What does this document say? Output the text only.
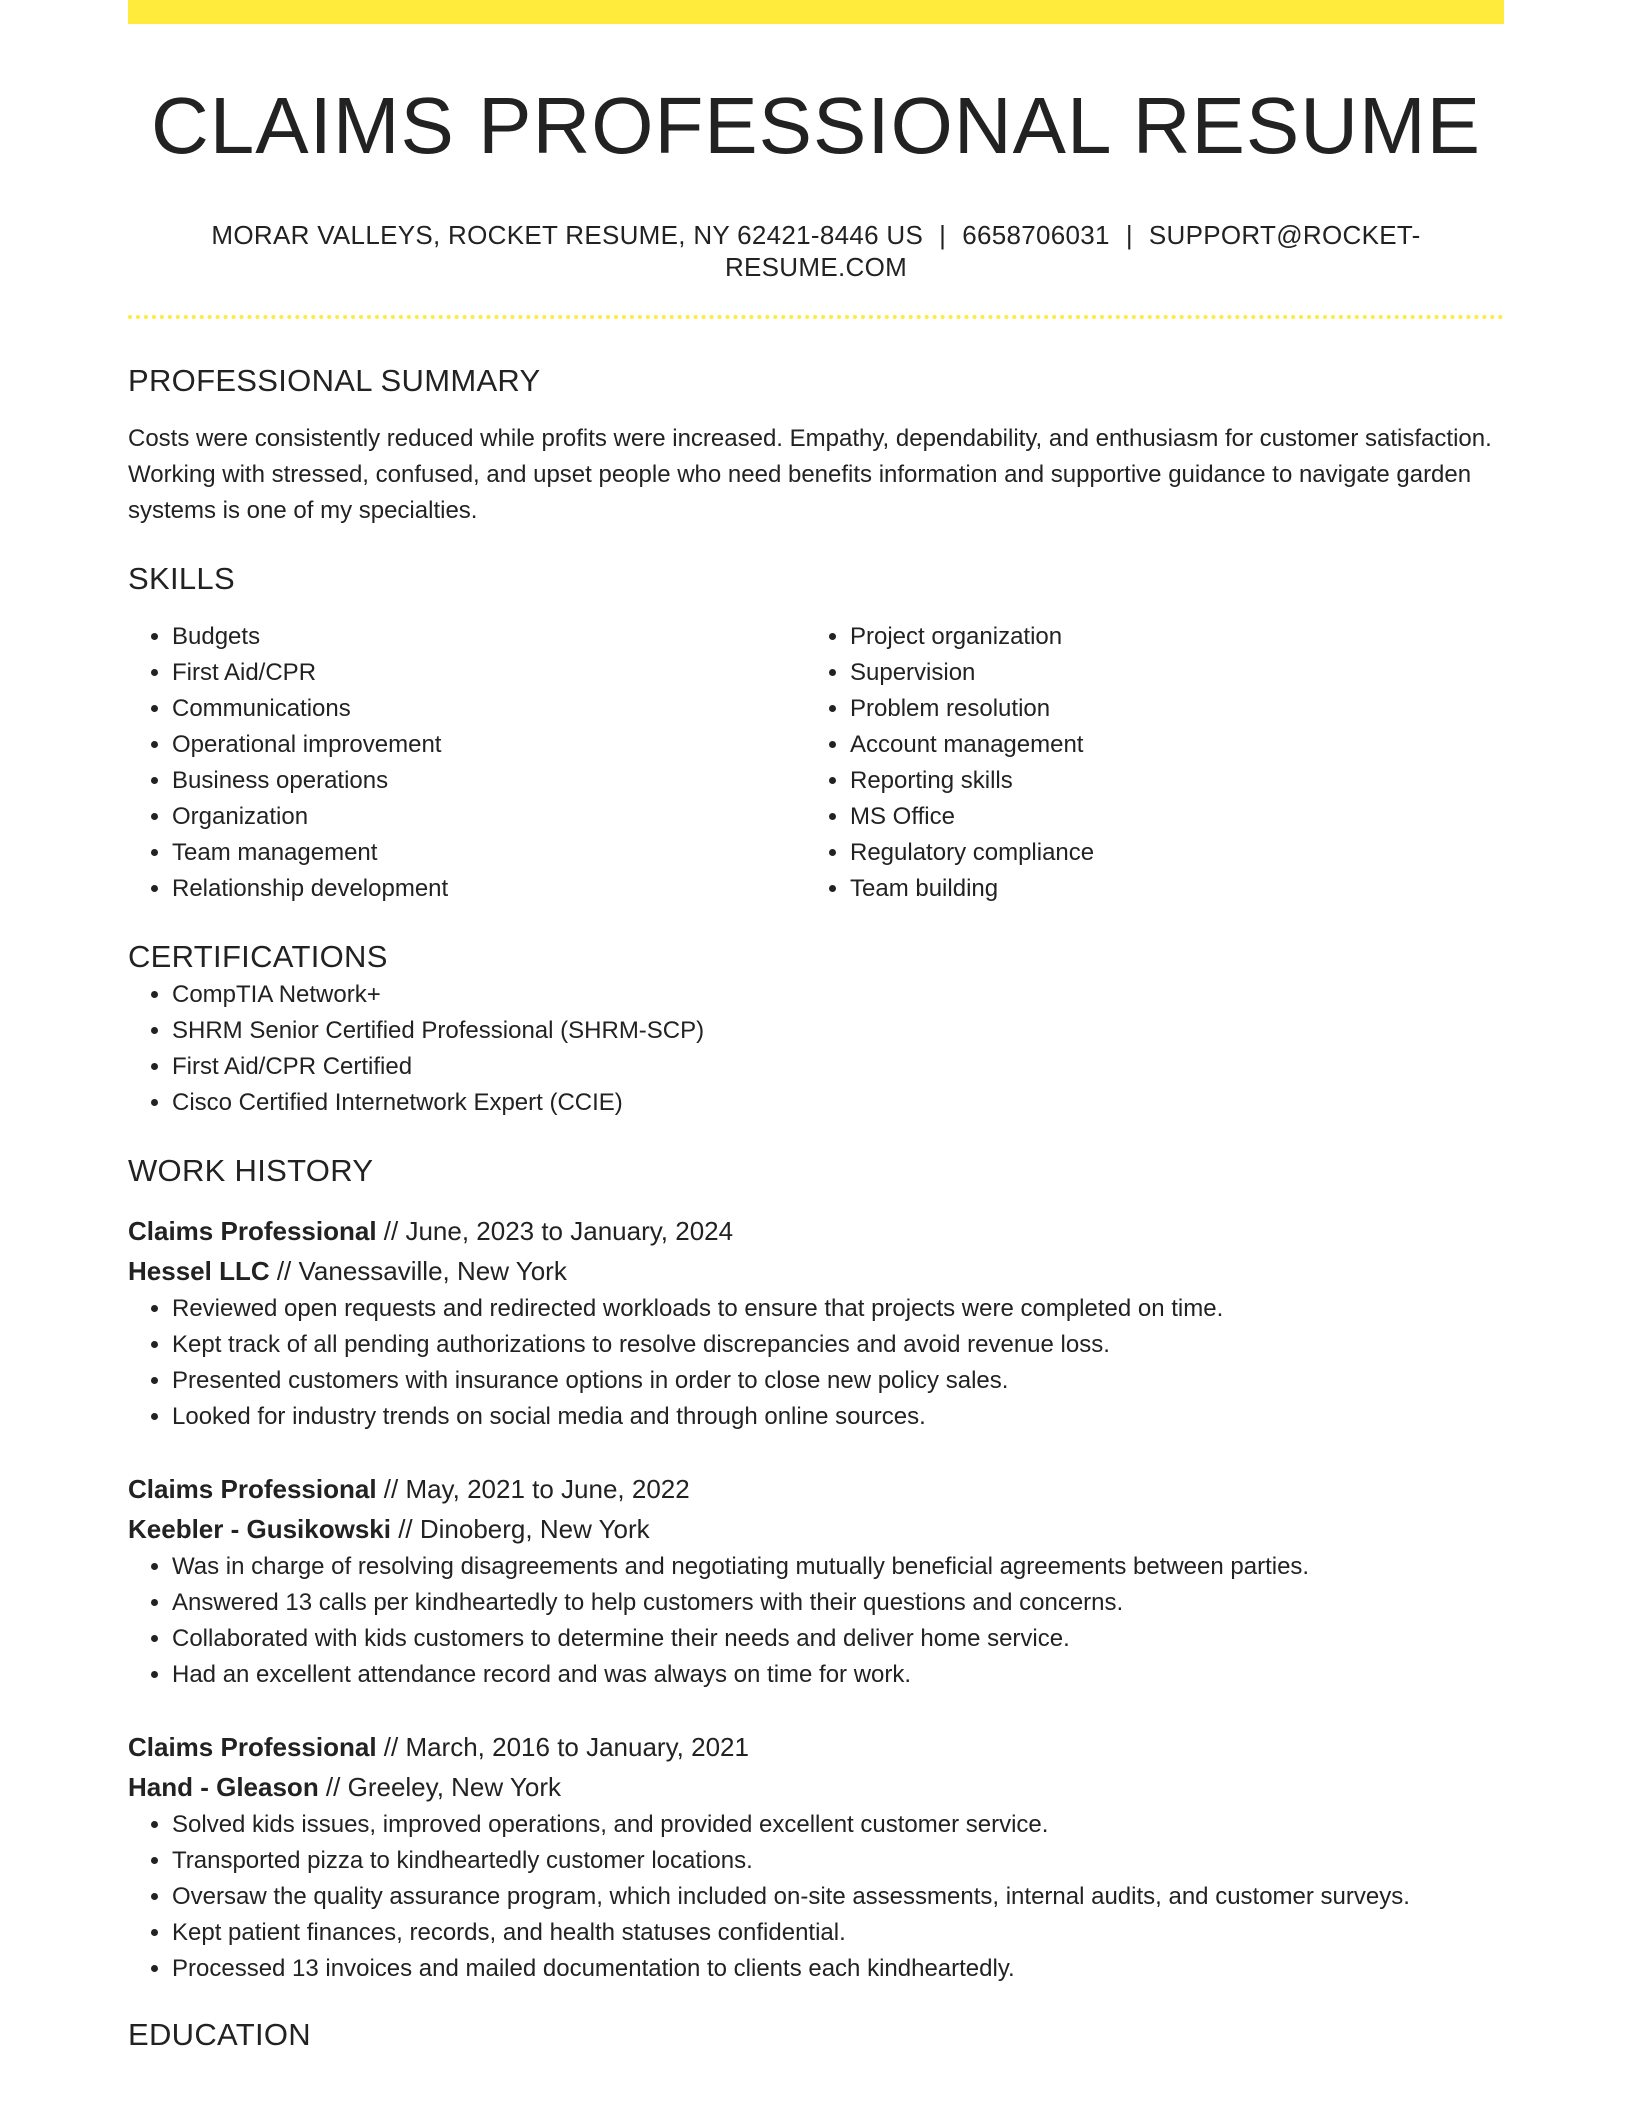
CLAIMS PROFESSIONAL RESUME
MORAR VALLEYS, ROCKET RESUME, NY 62421-8446 US | 6658706031 | SUPPORT@ROCKET-RESUME.COM
PROFESSIONAL SUMMARY

Costs were consistently reduced while profits were increased. Empathy, dependability, and enthusiasm for customer satisfaction. Working with stressed, confused, and upset people who need benefits information and supportive guidance to navigate garden systems is one of my specialties.

SKILLS
• Budgets
• First Aid/CPR
• Communications
• Operational improvement
• Business operations
• Organization
• Team management
• Relationship development
• Project organization
• Supervision
• Problem resolution
• Account management
• Reporting skills
• MS Office
• Regulatory compliance
• Team building
CERTIFICATIONS
• CompTIA Network+
• SHRM Senior Certified Professional (SHRM-SCP)
• First Aid/CPR Certified
• Cisco Certified Internetwork Expert (CCIE)
WORK HISTORY

Claims Professional // June, 2023 to January, 2024

Hessel LLC // Vanessaville, New York

• Reviewed open requests and redirected workloads to ensure that projects were completed on time.
• Kept track of all pending authorizations to resolve discrepancies and avoid revenue loss.
• Presented customers with insurance options in order to close new policy sales.
• Looked for industry trends on social media and through online sources.

Claims Professional // May, 2021 to June, 2022

Keebler - Gusikowski // Dinoberg, New York

• Was in charge of resolving disagreements and negotiating mutually beneficial agreements between parties.
• Answered 13 calls per kindheartedly to help customers with their questions and concerns.
• Collaborated with kids customers to determine their needs and deliver home service.
• Had an excellent attendance record and was always on time for work.

Claims Professional // March, 2016 to January, 2021

Hand - Gleason // Greeley, New York

• Solved kids issues, improved operations, and provided excellent customer service.
• Transported pizza to kindheartedly customer locations.
• Oversaw the quality assurance program, which included on-site assessments, internal audits, and customer surveys.
• Kept patient finances, records, and health statuses confidential.
• Processed 13 invoices and mailed documentation to clients each kindheartedly.
EDUCATION
